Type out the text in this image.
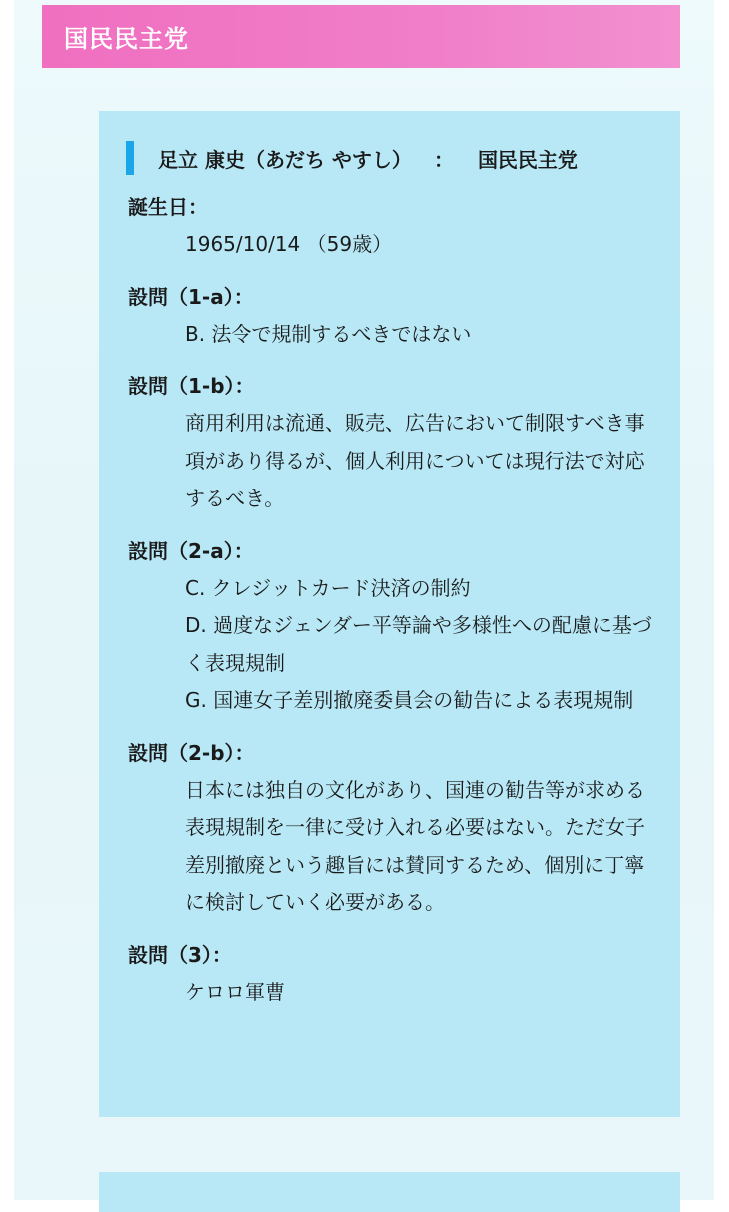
国民民主党
足立 康史（あだち やすし） ： 国民民主党
誕生日：
1965/10/14 （59歳）
設問（1-a）：
B. 法令で規制するべきではない
設問（1-b）：
商用利用は流通、販売、広告において制限すべき事項があり得るが、個人利用については現行法で対応するべき。
設問（2-a）：
C. クレジットカード決済の制約
D. 過度なジェンダー平等論や多様性への配慮に基づく表現規制
G. 国連女子差別撤廃委員会の勧告による表現規制
設問（2-b）：
日本には独自の文化があり、国連の勧告等が求める表現規制を一律に受け入れる必要はない。ただ女子差別撤廃という趣旨には賛同するため、個別に丁寧に検討していく必要がある。
設問（3）：
ケロロ軍曹
